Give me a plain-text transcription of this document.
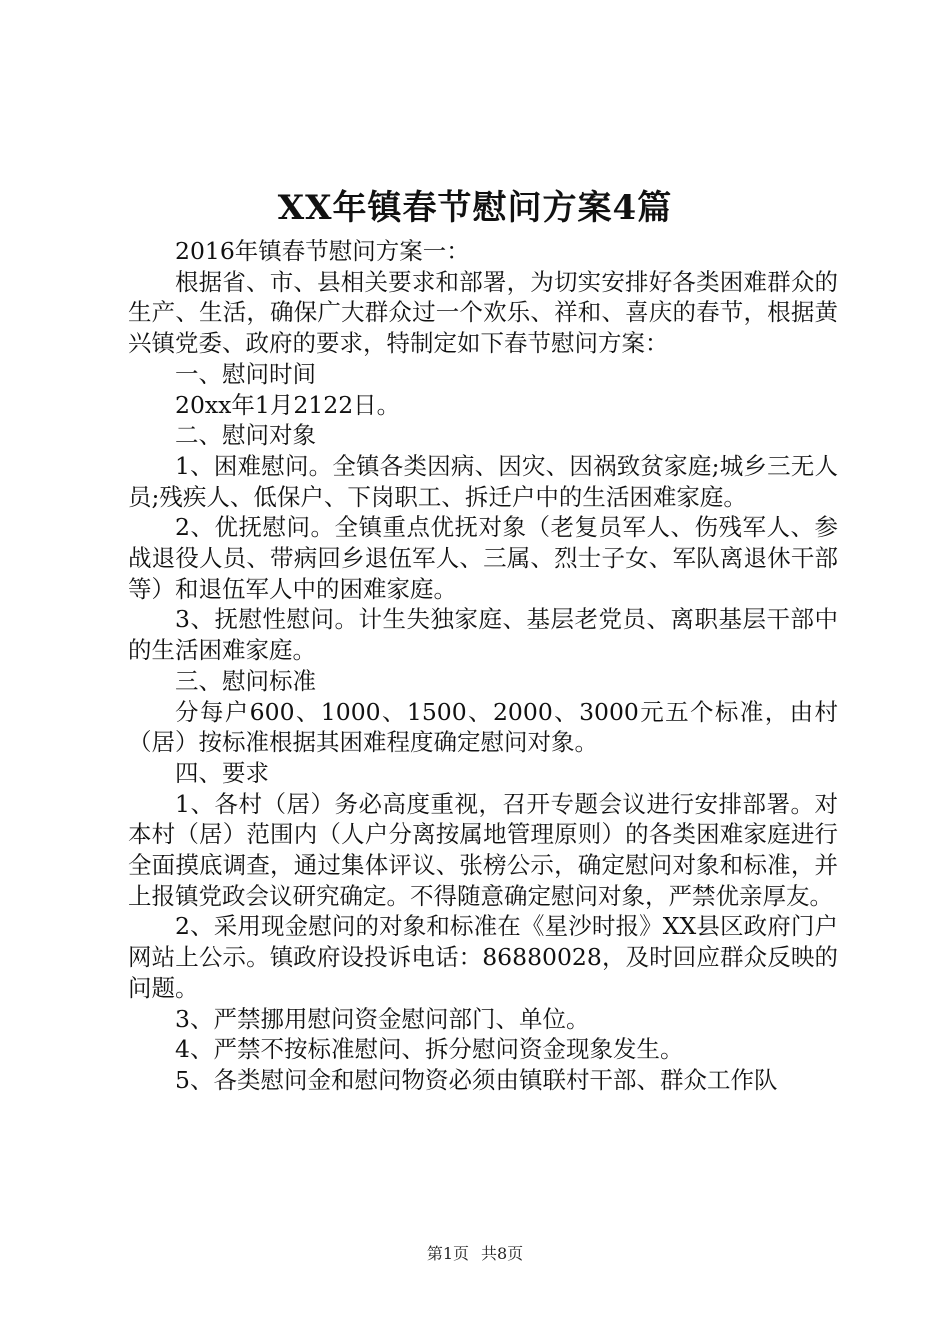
XX年镇春节慰问方案4篇

2016年镇春节慰问方案一：

根据省、市、县相关要求和部署，为切实安排好各类困难群众的生产、生活，确保广大群众过一个欢乐、祥和、喜庆的春节，根据黄兴镇党委、政府的要求，特制定如下春节慰问方案：

一、慰问时间

20xx年1月2122日。

二、慰问对象

1、困难慰问。全镇各类因病、因灾、因祸致贫家庭;城乡三无人员;残疾人、低保户、下岗职工、拆迁户中的生活困难家庭。

2、优抚慰问。全镇重点优抚对象（老复员军人、伤残军人、参战退役人员、带病回乡退伍军人、三属、烈士子女、军队离退休干部等）和退伍军人中的困难家庭。

3、抚慰性慰问。计生失独家庭、基层老党员、离职基层干部中的生活困难家庭。

三、慰问标准

分每户600、1000、1500、2000、3000元五个标准，由村（居）按标准根据其困难程度确定慰问对象。

四、要求

1、各村（居）务必高度重视，召开专题会议进行安排部署。对本村（居）范围内（人户分离按属地管理原则）的各类困难家庭进行全面摸底调查，通过集体评议、张榜公示，确定慰问对象和标准，并上报镇党政会议研究确定。不得随意确定慰问对象，严禁优亲厚友。

2、采用现金慰问的对象和标准在《星沙时报》XX县区政府门户网站上公示。镇政府设投诉电话：86880028，及时回应群众反映的问题。

3、严禁挪用慰问资金慰问部门、单位。

4、严禁不按标准慰问、拆分慰问资金现象发生。

5、各类慰问金和慰问物资必须由镇联村干部、群众工作队

第1页 共8页
